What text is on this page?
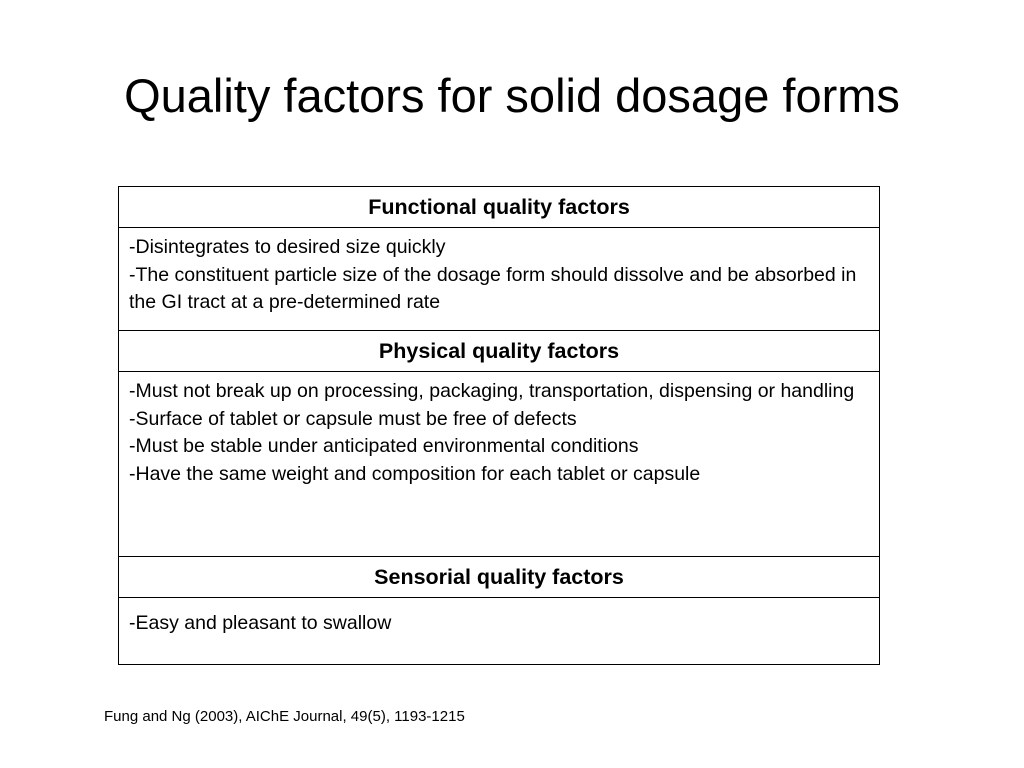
Quality factors for solid dosage forms
Functional quality factors

-Disintegrates to desired size quickly
-The constituent particle size of the dosage form should dissolve and be absorbed in the GI tract at a pre-determined rate

Physical quality factors

-Must not break up on processing, packaging, transportation, dispensing or handling
-Surface of tablet or capsule must be free of defects
-Must be stable under anticipated environmental conditions
-Have the same weight and composition for each tablet or capsule

Sensorial quality factors

-Easy and pleasant to swallow

Fung and Ng (2003), AIChE Journal, 49(5), 1193-1215
